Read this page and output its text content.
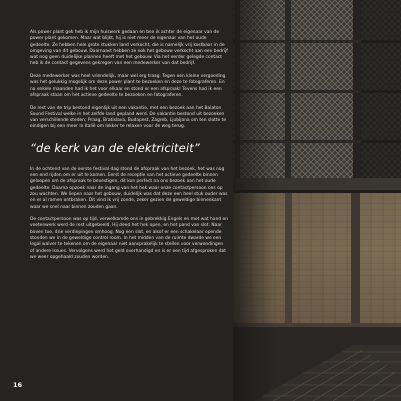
Als power plant gek heb ik mijn huiswerk gedaan en ben ik achter de eigenaar van de power plant gekomen. Maar wat blijkt, hij is niet meer de eigenaar van het oude gedeelte. Ze hebben hele grote stukken land verkocht, die is namelijk vrij kostbaar in de omgeving van dit gebouw. Daarnaast hebben ze ook het gebouw verkocht aan een bedrijf wat nog geen duidelijke plannen heeft met het gebouw. Via het eerder gelegde contact heb ik de contact gegevens gekregen van een medewerker van dat bedrijf.

Deze medewerker was heel vriendelijk, maar wel erg traag. Tegen een kleine vergoeding was het gelukkig mogelijk om deze power plant te bezoeken en deze te fotograferen. En na enkele maanden had ik het voor elkaar en stond er een afspraak! Tevens had ik een afspraak staan om het actieve gedeelte te bezoeken en fotograferen.

De rest van de trip bestond eigenlijk uit een vakantie, met een bezoek aan het Balaton Sound Festival welke in het zelfde land gepland werd. De vakantie bestond uit bezoeken van verschillende steden; Praag, Bratislava, Budapest, Zagreb, Ljubljana om ten slotte te eindigen bij een meer in Italië om lekker te relaxen voor de weg terug.

“de kerk van de elektriciteit”

In de ochtend van de eerste festival dag stond de afspraak van het bezoek, het was nog een end rijden om er uit te komen. Eerst de receptie van het actieve gedeelte binnen geloopen om de afspraak te bevestigen, dit kon perfect na ons bezoek aan het oude gedeelte. Daarna opzoek naar de ingang van het hek waar onze contactpersoon ons op zou wachten. We liepen naar het gebouw, duidelijk was dat deze een heel stuk ouder was en er al ramen ontbraken. Dit vind ik vrij zonde, zeker gezien de geweldige binnenkant waar we snel naar binnen zouden gaan.

De contactpersoon was op tijd, verwelkomde ons in gebrekkig Engels en met wat hand en voetenwerk werd de rest uitgebeeld. Hij deed het hek open, en het pand van slot. Naar boven toe, drie verdiepingen omhoog. Nog een slot, en alsof er een schakelaar opende stonden we in de geweldige control room. In het midden van de ruimte dwarde we een legal waiver te tekenen om de eigenaar niet aansprakelijk te stellen voor verwondingen of andere issues. Vervolgens werd het geld overhandigd en is er een tijd afgesproken dat we weer opgehaald zouden worden.

16
